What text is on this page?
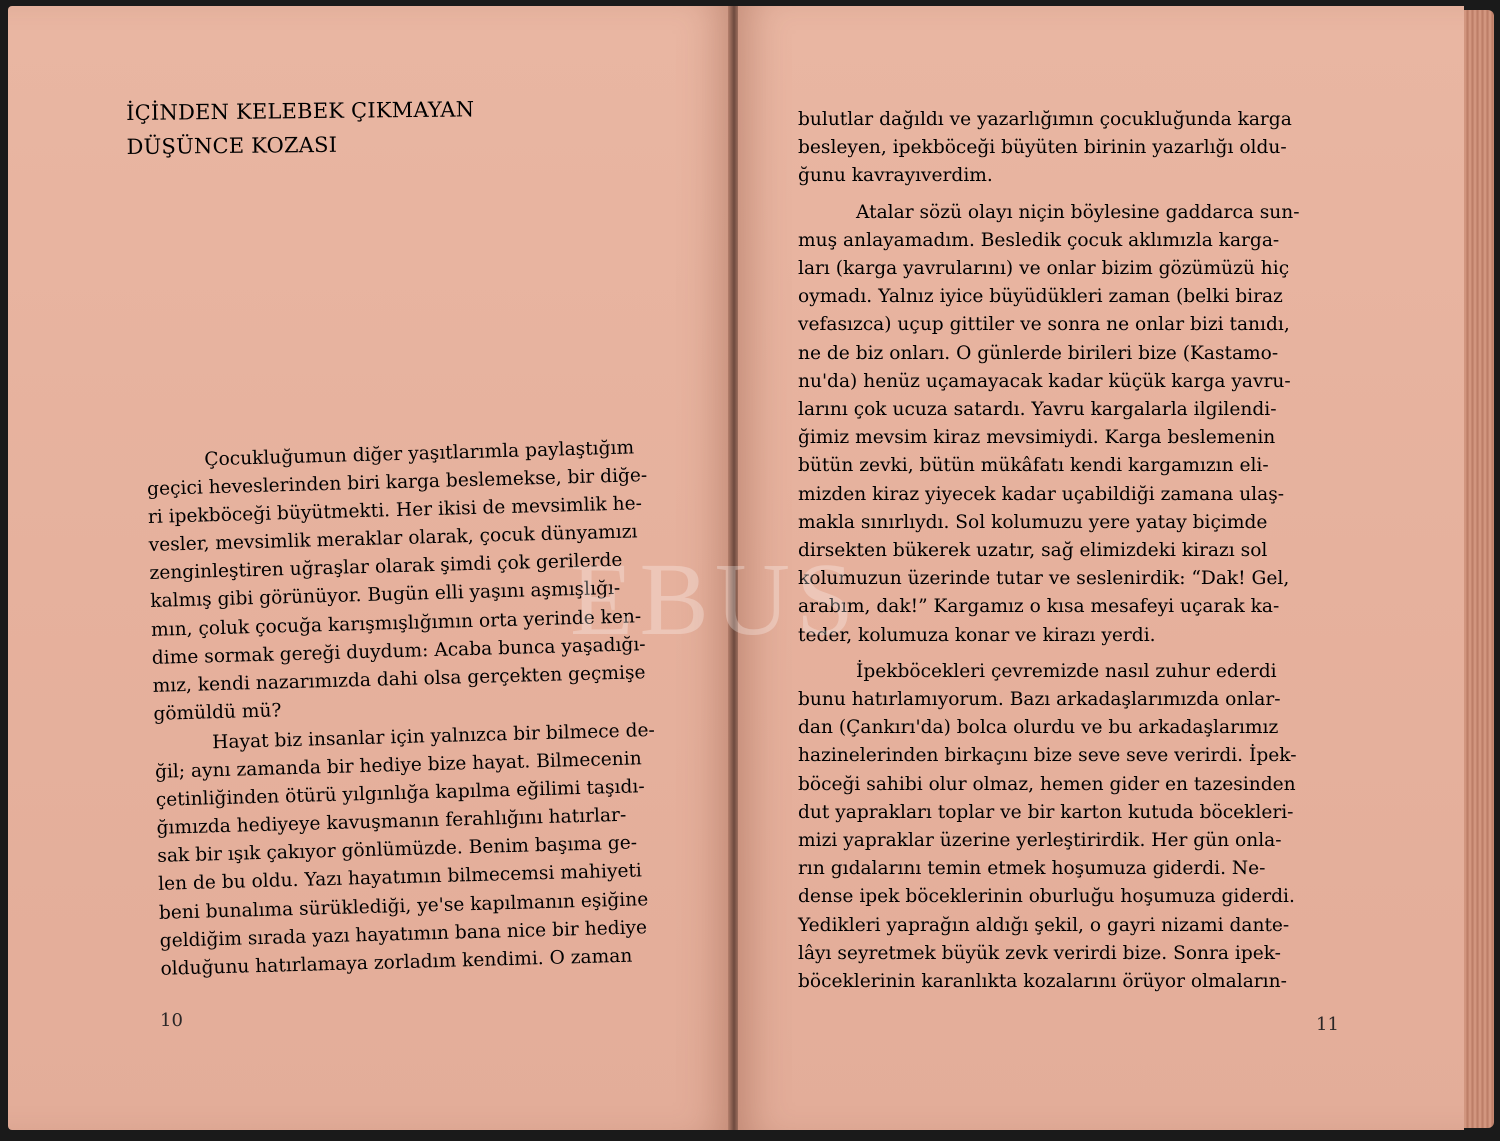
İÇİNDEN KELEBEK ÇIKMAYAN
DÜŞÜNCE KOZASI

Çocukluğumun diğer yaşıtlarımla paylaştığım
geçici heveslerinden biri karga beslemekse, bir diğe-
ri ipekböceği büyütmekti. Her ikisi de mevsimlik he-
vesler, mevsimlik meraklar olarak, çocuk dünyamızı
zenginleştiren uğraşlar olarak şimdi çok gerilerde
kalmış gibi görünüyor. Bugün elli yaşını aşmışlığı-
mın, çoluk çocuğa karışmışlığımın orta yerinde ken-
dime sormak gereği duydum: Acaba bunca yaşadığı-
mız, kendi nazarımızda dahi olsa gerçekten geçmişe
gömüldü mü?

Hayat biz insanlar için yalnızca bir bilmece de-
ğil; aynı zamanda bir hediye bize hayat. Bilmecenin
çetinliğinden ötürü yılgınlığa kapılma eğilimi taşıdı-
ğımızda hediyeye kavuşmanın ferahlığını hatırlar-
sak bir ışık çakıyor gönlümüzde. Benim başıma ge-
len de bu oldu. Yazı hayatımın bilmecemsi mahiyeti
beni bunalıma sürüklediği, ye'se kapılmanın eşiğine
geldiğim sırada yazı hayatımın bana nice bir hediye
olduğunu hatırlamaya zorladım kendimi. O zaman

10

bulutlar dağıldı ve yazarlığımın çocukluğunda karga
besleyen, ipekböceği büyüten birinin yazarlığı oldu-
ğunu kavrayıverdim.

Atalar sözü olayı niçin böylesine gaddarca sun-
muş anlayamadım. Besledik çocuk aklımızla karga-
ları (karga yavrularını) ve onlar bizim gözümüzü hiç
oymadı. Yalnız iyice büyüdükleri zaman (belki biraz
vefasızca) uçup gittiler ve sonra ne onlar bizi tanıdı,
ne de biz onları. O günlerde birileri bize (Kastamo-
nu'da) henüz uçamayacak kadar küçük karga yavru-
larını çok ucuza satardı. Yavru kargalarla ilgilendi-
ğimiz mevsim kiraz mevsimiydi. Karga beslemenin
bütün zevki, bütün mükâfatı kendi kargamızın eli-
mizden kiraz yiyecek kadar uçabildiği zamana ulaş-
makla sınırlıydı. Sol kolumuzu yere yatay biçimde
dirsekten bükerek uzatır, sağ elimizdeki kirazı sol
kolumuzun üzerinde tutar ve seslenirdik: “Dak! Gel,
arabım, dak!” Kargamız o kısa mesafeyi uçarak ka-
teder, kolumuza konar ve kirazı yerdi.

İpekböcekleri çevremizde nasıl zuhur ederdi
bunu hatırlamıyorum. Bazı arkadaşlarımızda onlar-
dan (Çankırı'da) bolca olurdu ve bu arkadaşlarımız
hazinelerinden birkaçını bize seve seve verirdi. İpek-
böceği sahibi olur olmaz, hemen gider en tazesinden
dut yaprakları toplar ve bir karton kutuda böcekleri-
mizi yapraklar üzerine yerleştirirdik. Her gün onla-
rın gıdalarını temin etmek hoşumuza giderdi. Ne-
dense ipek böceklerinin oburluğu hoşumuza giderdi.
Yedikleri yaprağın aldığı şekil, o gayri nizami dante-
lâyı seyretmek büyük zevk verirdi bize. Sonra ipek-
böceklerinin karanlıkta kozalarını örüyor olmaların-

11
EBUS
